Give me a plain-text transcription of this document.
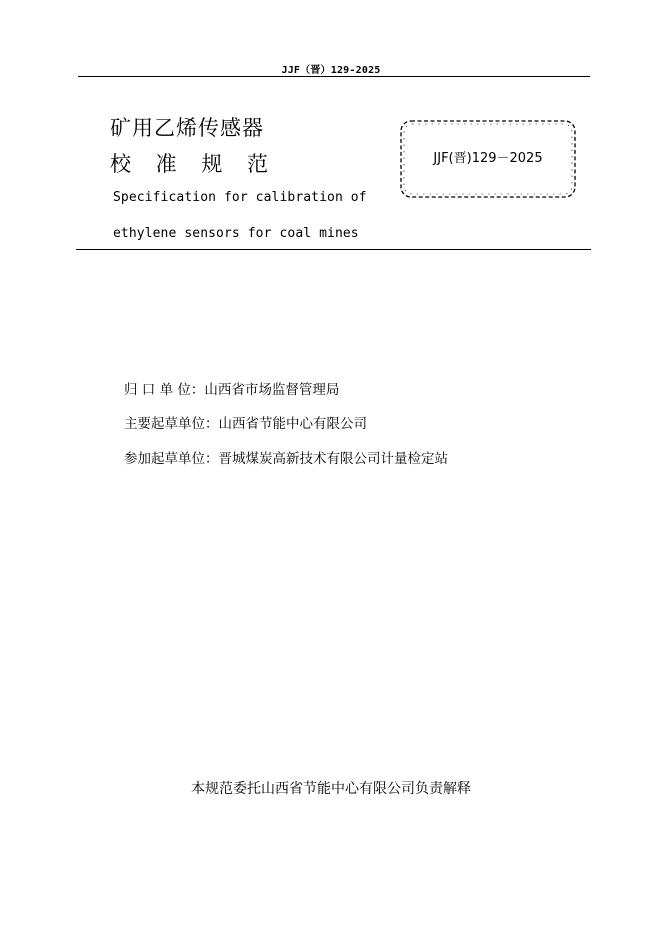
JJF（晋）129-2025
矿用乙烯传感器
校 准 规 范
Specification for calibration of
ethylene sensors for coal mines
JJF(晋)129－2025
归 口 单 位：山西省市场监督管理局
主要起草单位：山西省节能中心有限公司
参加起草单位：晋城煤炭高新技术有限公司计量检定站
本规范委托山西省节能中心有限公司负责解释
